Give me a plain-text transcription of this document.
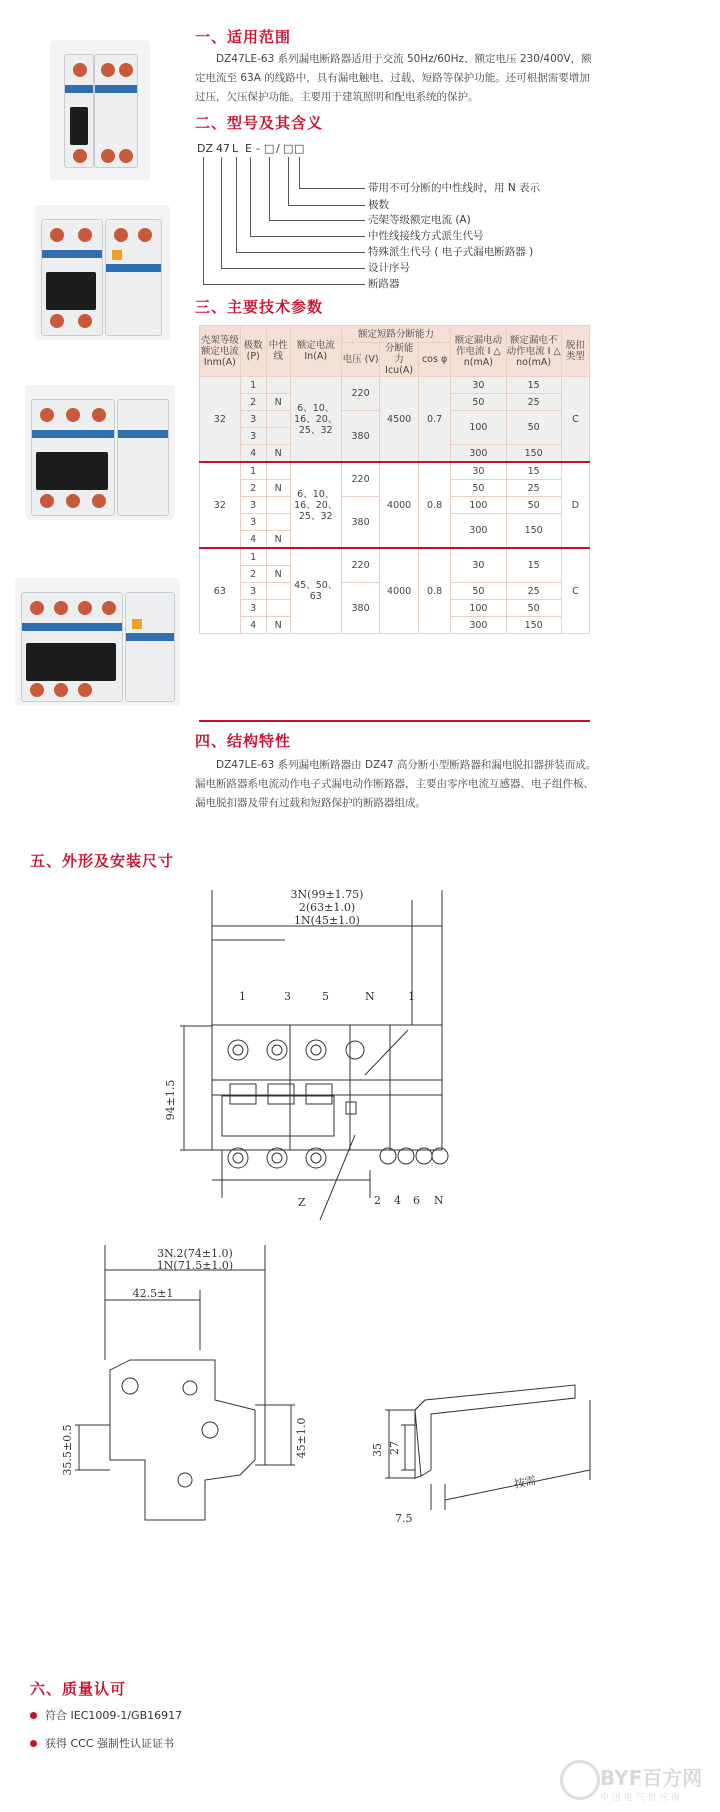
一、适用范围
DZ47LE-63 系列漏电断路器适用于交流 50Hz/60Hz、额定电压 230/400V，额定电流至 63A 的线路中，具有漏电触电、过载、短路等保护功能。还可根据需要增加过压，欠压保护功能。主要用于建筑照明和配电系统的保护。
二、型号及其含义
DZ 47 L E - □ / □ □
带用不可分断的中性线时，用 N 表示
极数
壳架等级额定电流 (A)
中性线接线方式派生代号
特殊派生代号 ( 电子式漏电断路器 )
设计序号
断路器
三、主要技术参数
壳架等级额定电流 Inm(A)	极数 (P)	中性线	额定电流 In(A)	额定短路分断能力			额定漏电动作电流 I △ n(mA)	额定漏电不动作电流 I △ no(mA)	脱扣类型
				电压 (V)	分断能力 Icu(A)	cos φ			
32	1		6、10、16、20、25、32	220	4500	0.7	30	15	C
	2	N					50	25	
	3			380			100	50	
	3								
	4	N					300	150	
32	1		6、10、16、20、25、32	220	4000	0.8	30	15	D
	2	N					50	25	
	3			380			100	50	
	3						300	150	
	4	N							
63	1		45、50、63	220	4000	0.8	30	15	C
	2	N							
	3			380			50	25	
	3						100	50	
	4	N					300	150	
四、结构特性
DZ47LE-63 系列漏电断路器由 DZ47 高分断小型断路器和漏电脱扣器拼装而成。漏电断路器系电流动作电子式漏电动作断路器，主要由零序电流互感器、电子组件板、漏电脱扣器及带有过载和短路保护的断路器组成。
五、外形及安装尺寸
3N(99±1.75)
2(63±1.0)
1N(45±1.0)
1	3	5	N	1
2 4 6 N
Z
94±1.5
3N.2(74±1.0)
1N(71.5±1.0)
42.5±1
35.5±0.5	45±1.0	35 27
7.5
按需
六、质量认可
符合 IEC1009-1/GB16917
获得 CCC 强制性认证证书
BYF百方网
中 国 电 气 供 应 商
